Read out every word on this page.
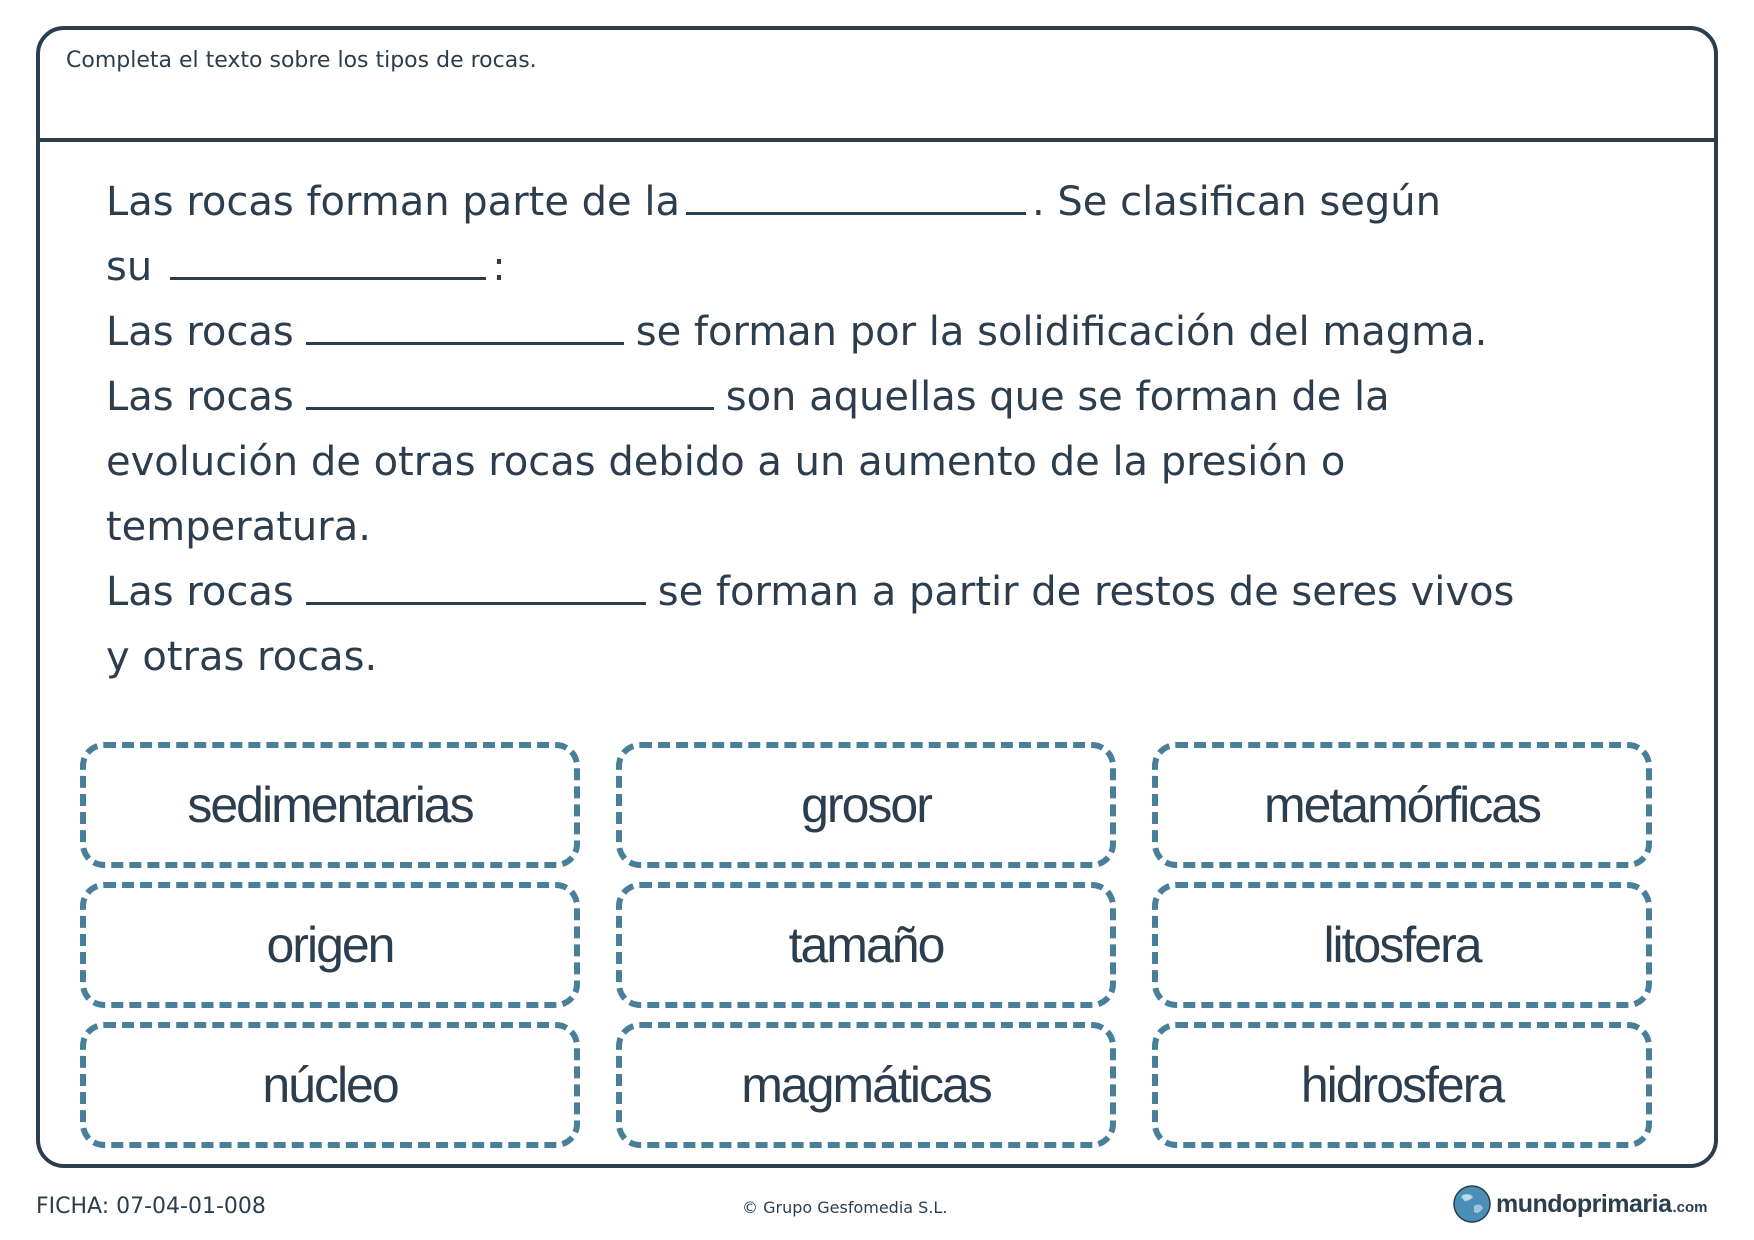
Completa el texto sobre los tipos de rocas.
Las rocas forman parte de la	. Se clasifican según
su	:
Las rocas	se forman por la solidificación del magma.
Las rocas	son aquellas que se forman de la
evolución de otras rocas debido a un aumento de la presión o
temperatura.
Las rocas	se forman a partir de restos de seres vivos
y otras rocas.
sedimentarias	grosor	metamórficas
origen	tamaño	litosfera
núcleo	magmáticas	hidrosfera
FICHA: 07-04-01-008	© Grupo Gesfomedia S.L.	mundoprimaria .com
